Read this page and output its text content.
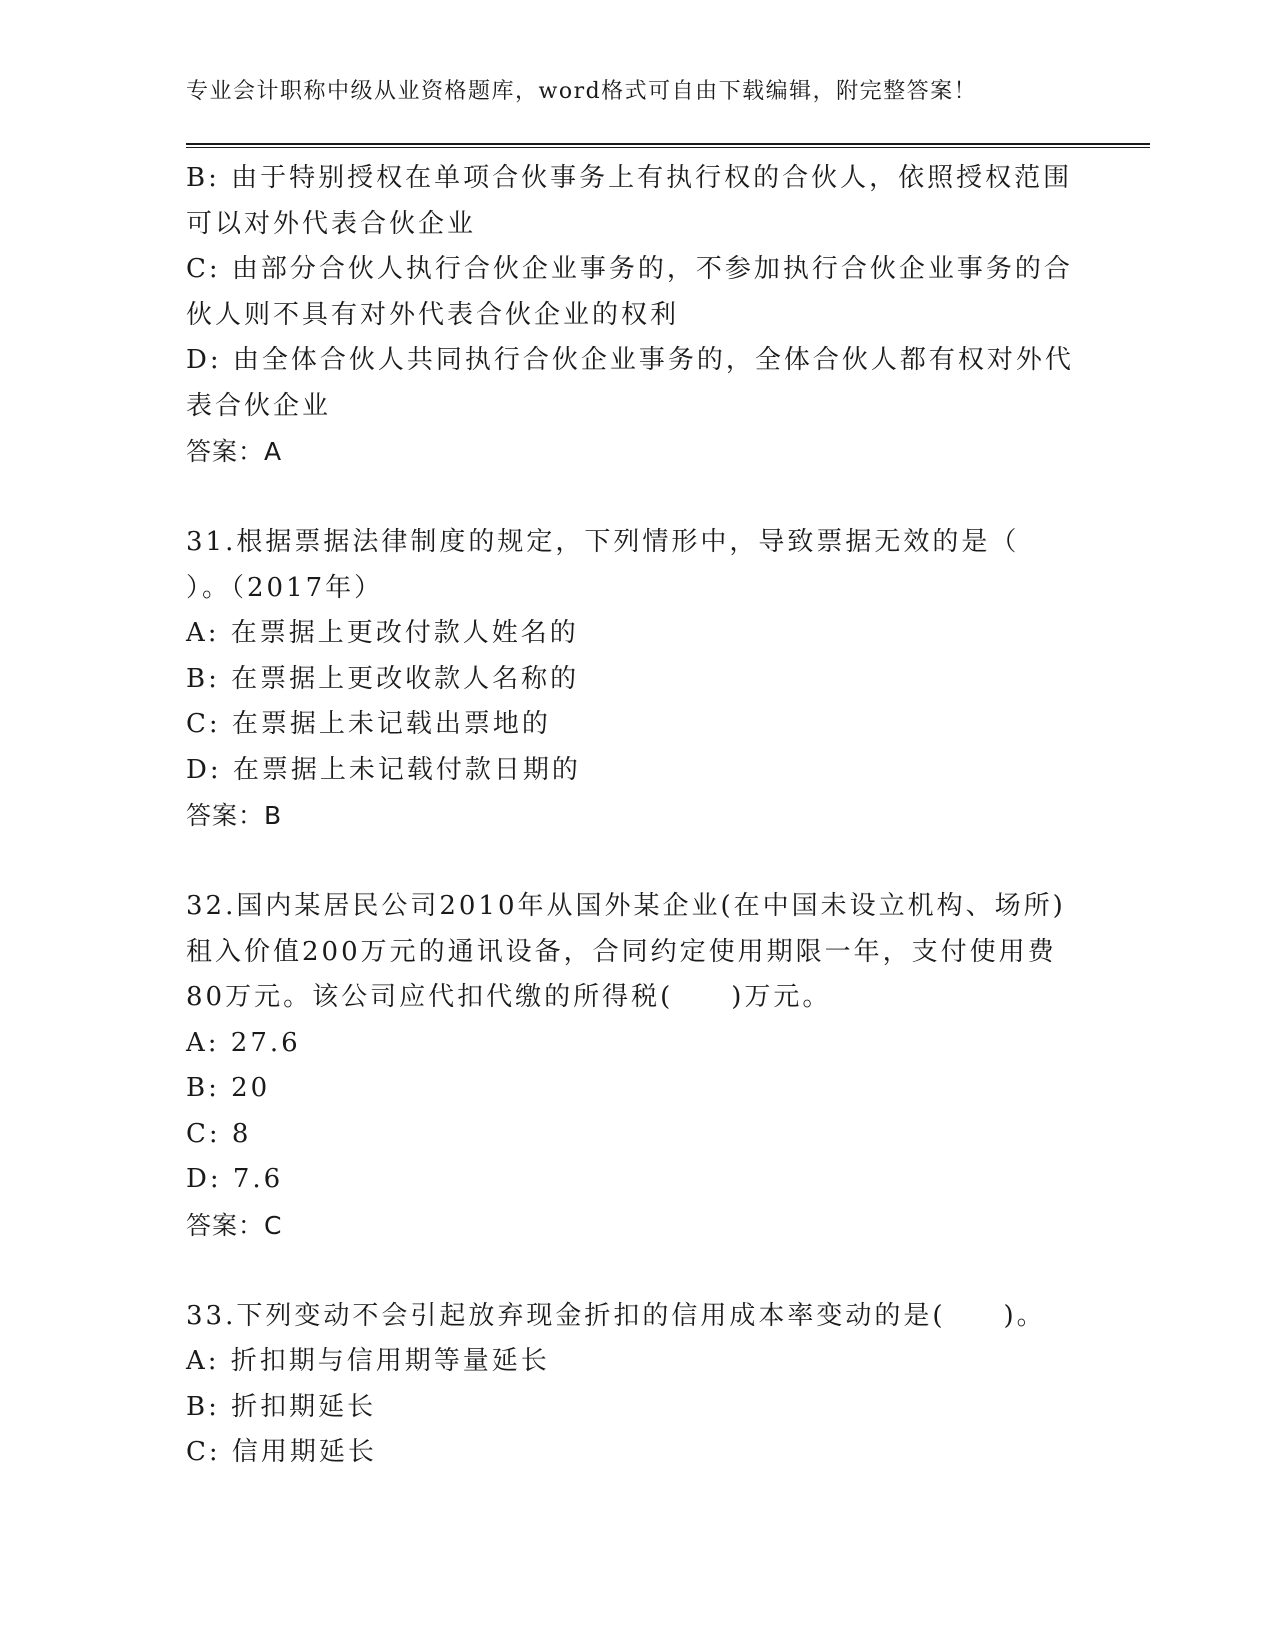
专业会计职称中级从业资格题库，word格式可自由下载编辑，附完整答案！
B: 由于特别授权在单项合伙事务上有执行权的合伙人，依照授权范围
可以对外代表合伙企业
C: 由部分合伙人执行合伙企业事务的，不参加执行合伙企业事务的合
伙人则不具有对外代表合伙企业的权利
D: 由全体合伙人共同执行合伙企业事务的，全体合伙人都有权对外代
表合伙企业
答案：A
31.根据票据法律制度的规定，下列情形中，导致票据无效的是（
）。（2017年）
A: 在票据上更改付款人姓名的
B: 在票据上更改收款人名称的
C: 在票据上未记载出票地的
D: 在票据上未记载付款日期的
答案：B
32.国内某居民公司2010年从国外某企业(在中国未设立机构、场所)
租入价值200万元的通讯设备，合同约定使用期限一年，支付使用费
80万元。该公司应代扣代缴的所得税(　　)万元。
A: 27.6
B: 20
C: 8
D: 7.6
答案：C
33.下列变动不会引起放弃现金折扣的信用成本率变动的是(　　)。
A: 折扣期与信用期等量延长
B: 折扣期延长
C: 信用期延长
